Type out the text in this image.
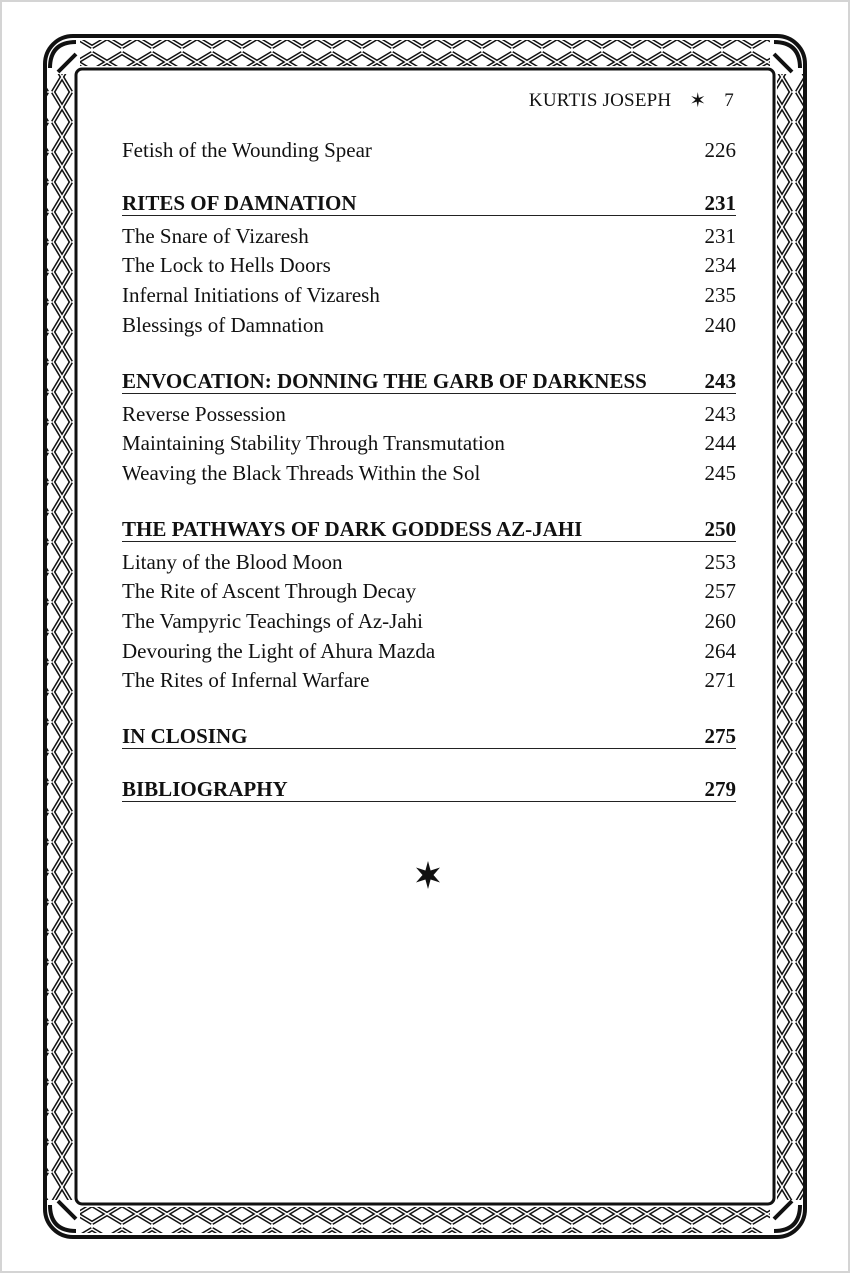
KURTIS JOSEPH ✶ 7
Fetish of the Wounding Spear	226
RITES OF DAMNATION	231
The Snare of Vizaresh	231
The Lock to Hells Doors	234
Infernal Initiations of Vizaresh	235
Blessings of Damnation	240
ENVOCATION: DONNING THE GARB OF DARKNESS	243
Reverse Possession	243
Maintaining Stability Through Transmutation	244
Weaving the Black Threads Within the Sol	245
THE PATHWAYS OF DARK GODDESS AZ-JAHI	250
Litany of the Blood Moon	253
The Rite of Ascent Through Decay	257
The Vampyric Teachings of Az-Jahi	260
Devouring the Light of Ahura Mazda	264
The Rites of Infernal Warfare	271
IN CLOSING	275
BIBLIOGRAPHY	279
